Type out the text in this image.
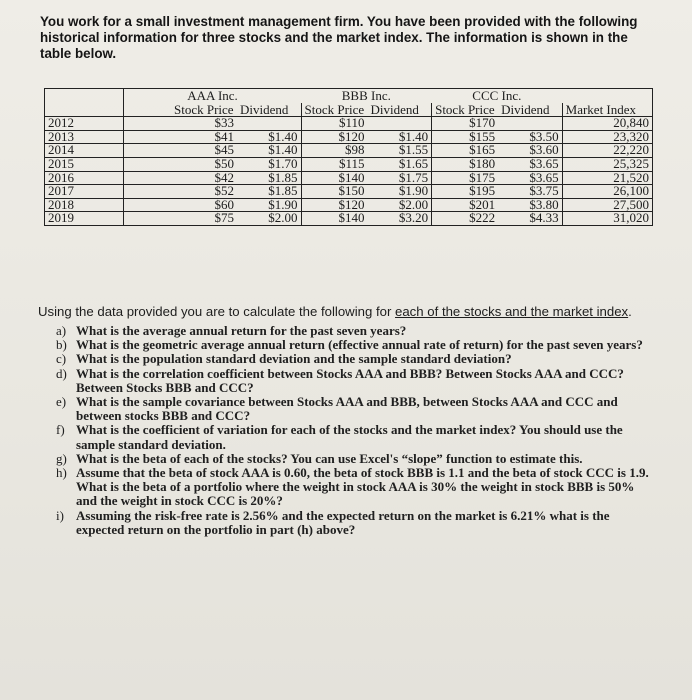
You work for a small investment management firm. You have been provided with the following historical information for three stocks and the market index. The information is shown in the table below.
	AAA Inc.		BBB Inc.		CCC Inc.		
	Stock Price	Dividend	Stock Price	Dividend	Stock Price	Dividend	Market Index
2012	$33		$110		$170		20,840
2013	$41	$1.40	$120	$1.40	$155	$3.50	23,320
2014	$45	$1.40	$98	$1.55	$165	$3.60	22,220
2015	$50	$1.70	$115	$1.65	$180	$3.65	25,325
2016	$42	$1.85	$140	$1.75	$175	$3.65	21,520
2017	$52	$1.85	$150	$1.90	$195	$3.75	26,100
2018	$60	$1.90	$120	$2.00	$201	$3.80	27,500
2019	$75	$2.00	$140	$3.20	$222	$4.33	31,020
Using the data provided you are to calculate the following for each of the stocks and the market index.
a) What is the average annual return for the past seven years?
b) What is the geometric average annual return (effective annual rate of return) for the past seven years?
c) What is the population standard deviation and the sample standard deviation?
d) What is the correlation coefficient between Stocks AAA and BBB? Between Stocks AAA and CCC? Between Stocks BBB and CCC?
e) What is the sample covariance between Stocks AAA and BBB, between Stocks AAA and CCC and between stocks BBB and CCC?
f) What is the coefficient of variation for each of the stocks and the market index? You should use the sample standard deviation.
g) What is the beta of each of the stocks? You can use Excel's “slope” function to estimate this.
h) Assume that the beta of stock AAA is 0.60, the beta of stock BBB is 1.1 and the beta of stock CCC is 1.9. What is the beta of a portfolio where the weight in stock AAA is 30% the weight in stock BBB is 50% and the weight in stock CCC is 20%?
i) Assuming the risk-free rate is 2.56% and the expected return on the market is 6.21% what is the expected return on the portfolio in part (h) above?
